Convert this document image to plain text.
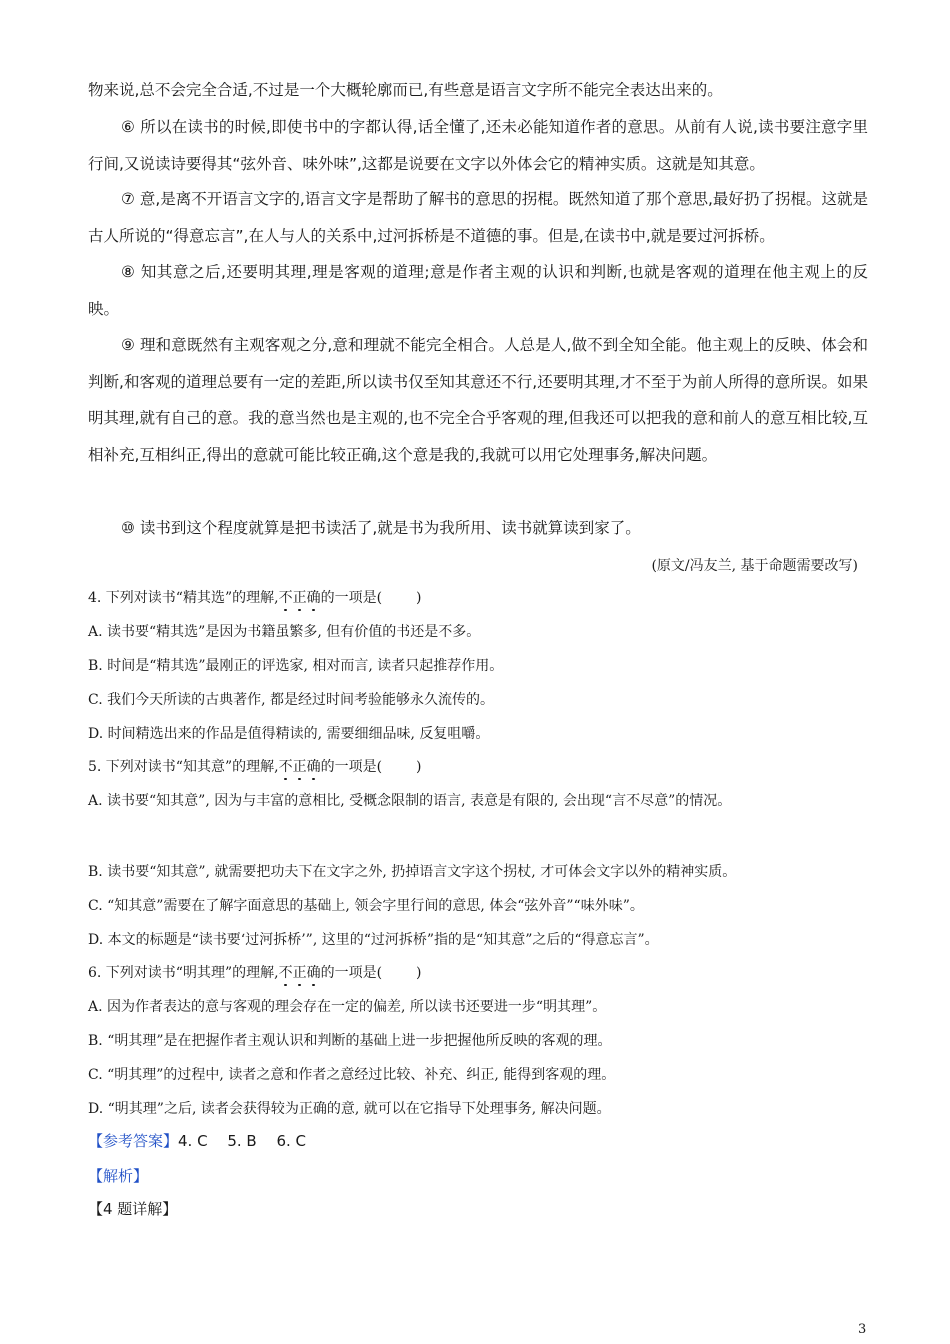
物来说,总不会完全合适,不过是一个大概轮廓而已,有些意是语言文字所不能完全表达出来的。

⑥ 所以在读书的时候,即使书中的字都认得,话全懂了,还未必能知道作者的意思。从前有人说,读书要注意字里行间,又说读诗要得其“弦外音、味外味”,这都是说要在文字以外体会它的精神实质。这就是知其意。

⑦ 意,是离不开语言文字的,语言文字是帮助了解书的意思的拐棍。既然知道了那个意思,最好扔了拐棍。这就是古人所说的“得意忘言”,在人与人的关系中,过河拆桥是不道德的事。但是,在读书中,就是要过河拆桥。

⑧ 知其意之后,还要明其理,理是客观的道理;意是作者主观的认识和判断,也就是客观的道理在他主观上的反映。

⑨ 理和意既然有主观客观之分,意和理就不能完全相合。人总是人,做不到全知全能。他主观上的反映、体会和判断,和客观的道理总要有一定的差距,所以读书仅至知其意还不行,还要明其理,才不至于为前人所得的意所误。如果明其理,就有自己的意。我的意当然也是主观的,也不完全合乎客观的理,但我还可以把我的意和前人的意互相比较,互相补充,互相纠正,得出的意就可能比较正确,这个意是我的,我就可以用它处理事务,解决问题。

⑩ 读书到这个程度就算是把书读活了,就是书为我所用、读书就算读到家了。

(原文/冯友兰, 基于命题需要改写)

4. 下列对读书“精其选”的理解,不正确的一项是( )

A. 读书要“精其选”是因为书籍虽繁多, 但有价值的书还是不多。

B. 时间是“精其选”最刚正的评选家, 相对而言, 读者只起推荐作用。

C. 我们今天所读的古典著作, 都是经过时间考验能够永久流传的。

D. 时间精选出来的作品是值得精读的, 需要细细品味, 反复咀嚼。

5. 下列对读书“知其意”的理解,不正确的一项是( )

A. 读书要“知其意”, 因为与丰富的意相比, 受概念限制的语言, 表意是有限的, 会出现“言不尽意”的情况。

B. 读书要“知其意”, 就需要把功夫下在文字之外, 扔掉语言文字这个拐杖, 才可体会文字以外的精神实质。

C. “知其意”需要在了解字面意思的基础上, 领会字里行间的意思, 体会“弦外音”“味外味”。

D. 本文的标题是“读书要‘过河拆桥’”, 这里的“过河拆桥”指的是“知其意”之后的“得意忘言”。

6. 下列对读书“明其理”的理解,不正确的一项是( )

A. 因为作者表达的意与客观的理会存在一定的偏差, 所以读书还要进一步“明其理”。

B. “明其理”是在把握作者主观认识和判断的基础上进一步把握他所反映的客观的理。

C. “明其理”的过程中, 读者之意和作者之意经过比较、补充、纠正, 能得到客观的理。

D. “明其理”之后, 读者会获得较为正确的意, 就可以在它指导下处理事务, 解决问题。

【参考答案】4. C　 5. B　 6. C

【解析】

【4 题详解】

3
